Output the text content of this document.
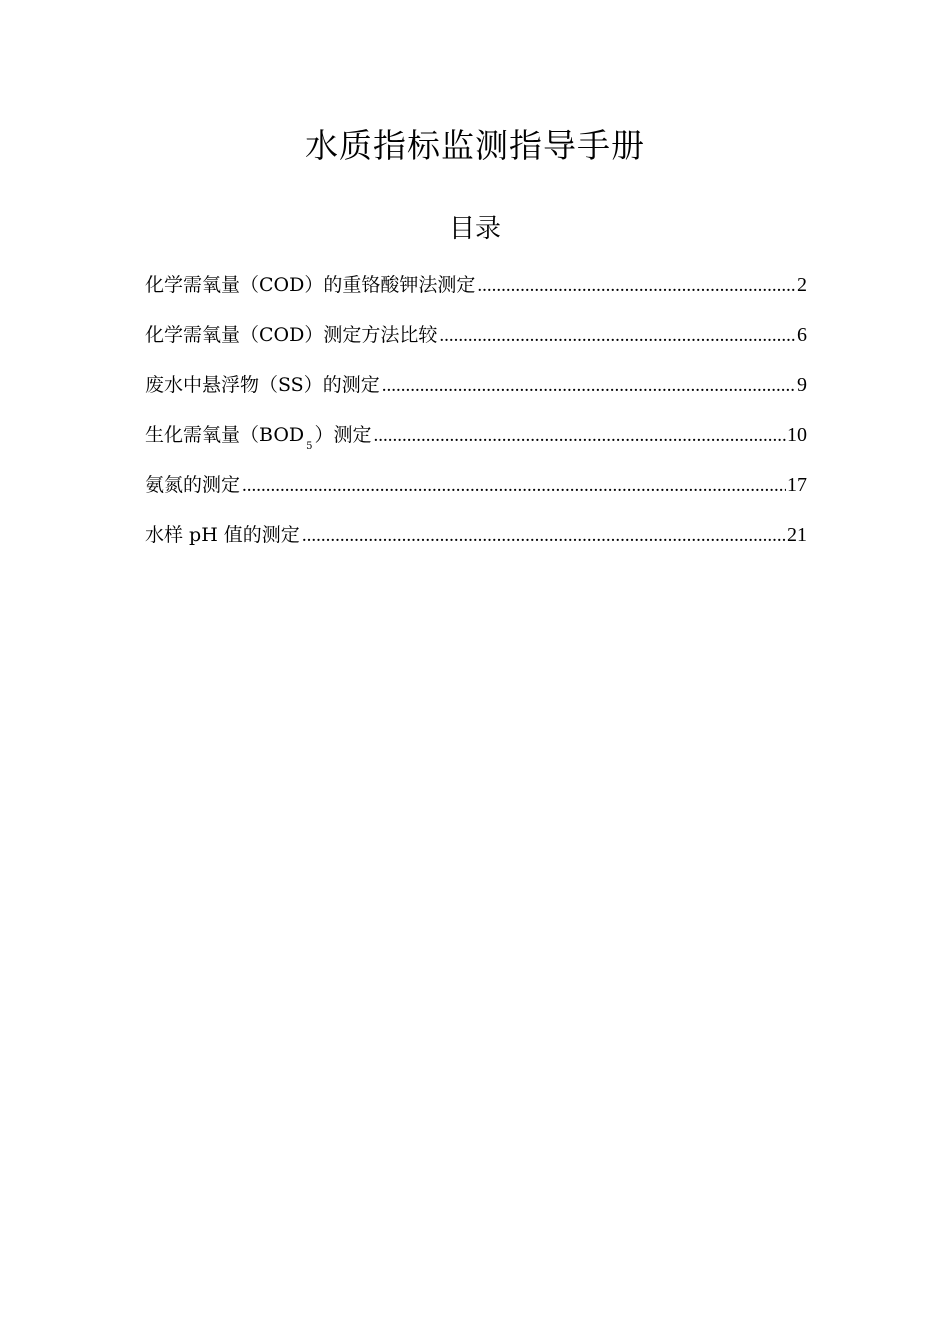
水质指标监测指导手册
目录
化学需氧量（COD）的重铬酸钾法测定 .....	2
化学需氧量（COD）测定方法比较 .....	6
废水中悬浮物（SS）的测定 .....	9
生化需氧量$(BOD_5)$测定 .....	10
氨氮的测定 .....	17
水样 pH 值的测定 .....	21
